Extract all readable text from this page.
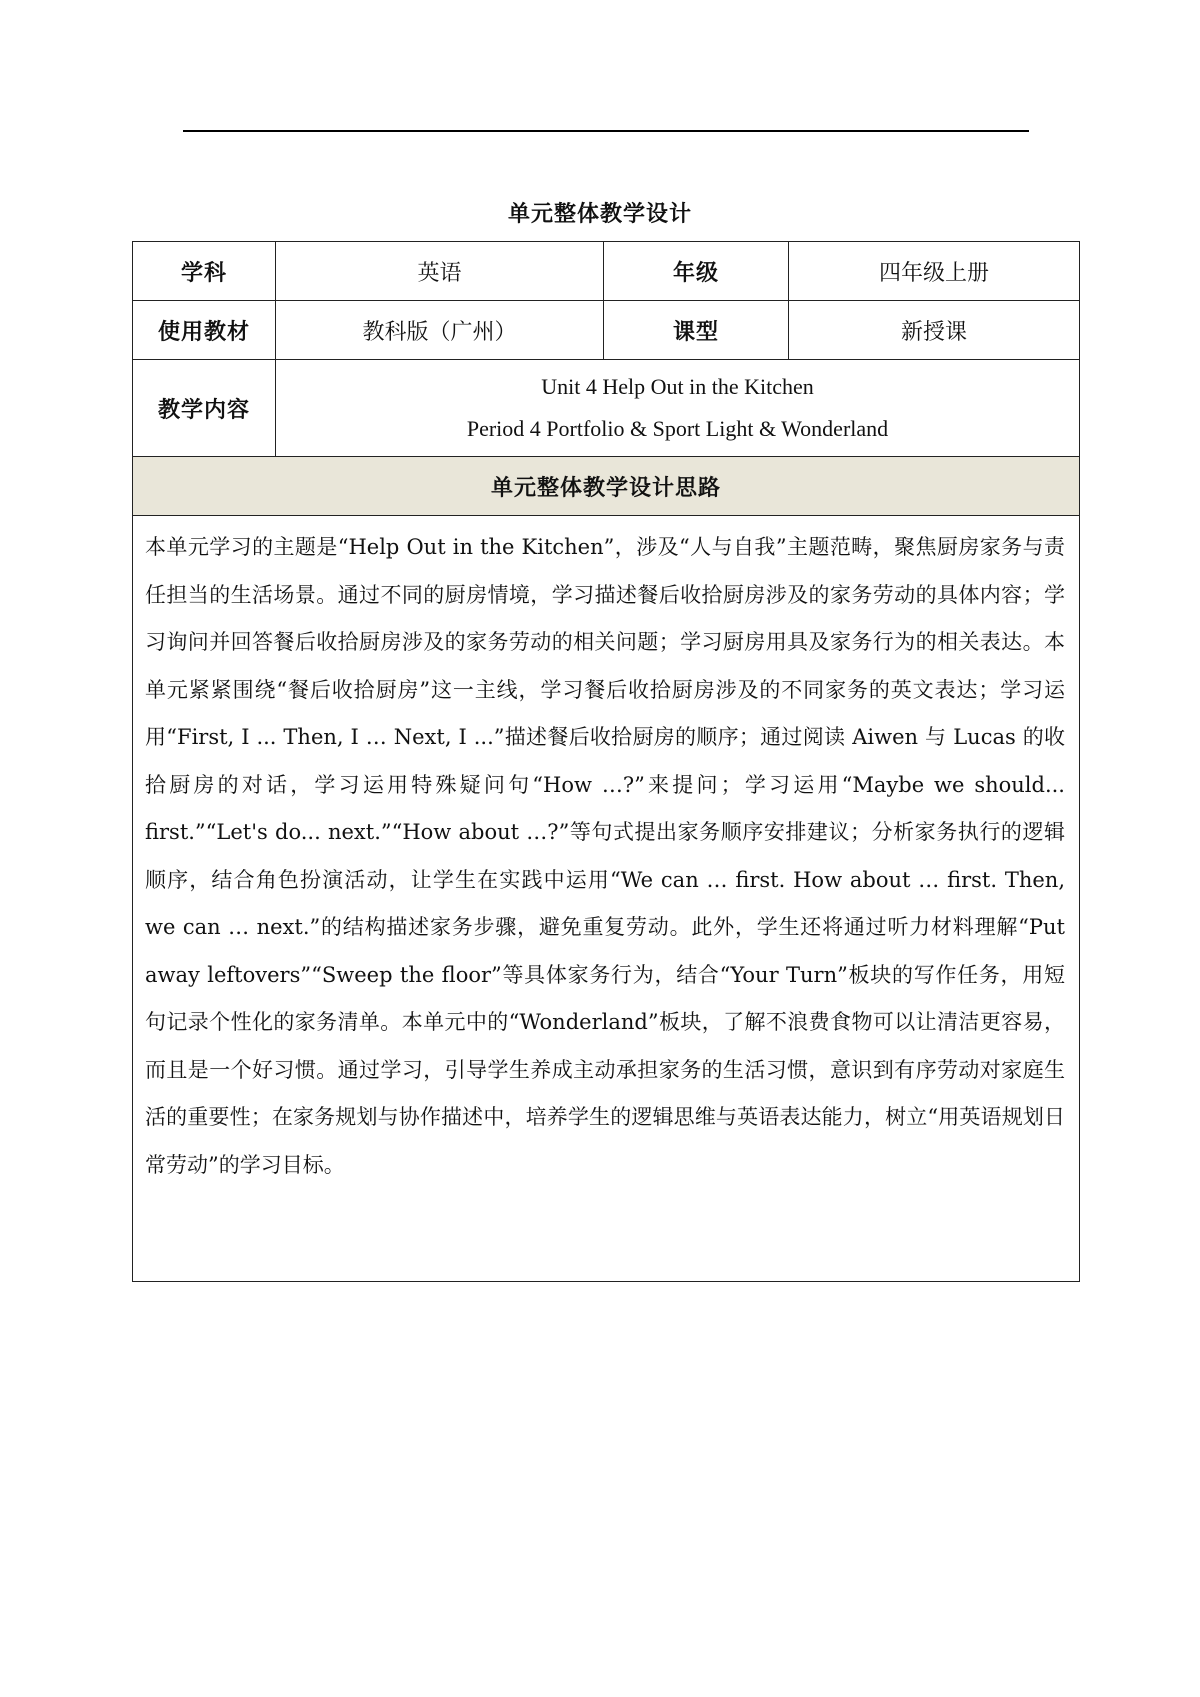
单元整体教学设计
学科	英语	年级	四年级上册
使用教材	教科版（广州）	课型	新授课
教学内容	Unit 4 Help Out in the Kitchen
Period 4 Portfolio & Sport Light & Wonderland		

单元整体教学设计思路			

本单元学习的主题是“Help Out in the Kitchen”，涉及“人与自我”主题范畴，聚焦厨房家务与责任担当的生活场景。通过不同的厨房情境，学习描述餐后收拾厨房涉及的家务劳动的具体内容；学习询问并回答餐后收拾厨房涉及的家务劳动的相关问题；学习厨房用具及家务行为的相关表达。本单元紧紧围绕“餐后收拾厨房”这一主线，学习餐后收拾厨房涉及的不同家务的英文表达；学习运用“First, I ... Then, I … Next, I ...”描述餐后收拾厨房的顺序；通过阅读 Aiwen 与 Lucas 的收拾厨房的对话，学习运用特殊疑问句“How …?”来提问；学习运用“Maybe we should... first.”“Let's do... next.”“How about …?”等句式提出家务顺序安排建议；分析家务执行的逻辑顺序，结合角色扮演活动，让学生在实践中运用“We can … first. How about … first. Then, we can … next.”的结构描述家务步骤，避免重复劳动。此外，学生还将通过听力材料理解“Put away leftovers”“Sweep the floor”等具体家务行为，结合“Your Turn”板块的写作任务，用短句记录个性化的家务清单。本单元中的“Wonderland”板块，了解不浪费食物可以让清洁更容易，而且是一个好习惯。通过学习，引导学生养成主动承担家务的生活习惯，意识到有序劳动对家庭生活的重要性；在家务规划与协作描述中，培养学生的逻辑思维与英语表达能力，树立“用英语规划日常劳动”的学习目标。			
